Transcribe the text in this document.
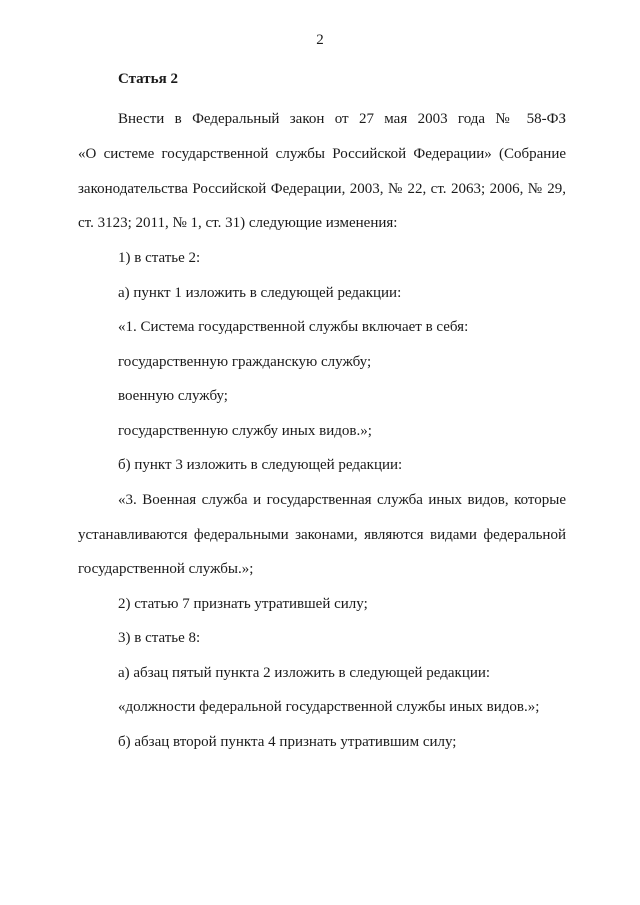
2
Статья 2
Внести в Федеральный закон от 27 мая 2003 года № 58-ФЗ
«О системе государственной службы Российской Федерации» (Собрание
законодательства Российской Федерации, 2003, № 22, ст. 2063; 2006, № 29,
ст. 3123; 2011, № 1, ст. 31) следующие изменения:
1) в статье 2:
а) пункт 1 изложить в следующей редакции:
«1. Система государственной службы включает в себя:
государственную гражданскую службу;
военную службу;
государственную службу иных видов.»;
б) пункт 3 изложить в следующей редакции:
«3. Военная служба и государственная служба иных видов, которые
устанавливаются федеральными законами, являются видами федеральной
государственной службы.»;
2) статью 7 признать утратившей силу;
3) в статье 8:
а) абзац пятый пункта 2 изложить в следующей редакции:
«должности федеральной государственной службы иных видов.»;
б) абзац второй пункта 4 признать утратившим силу;
